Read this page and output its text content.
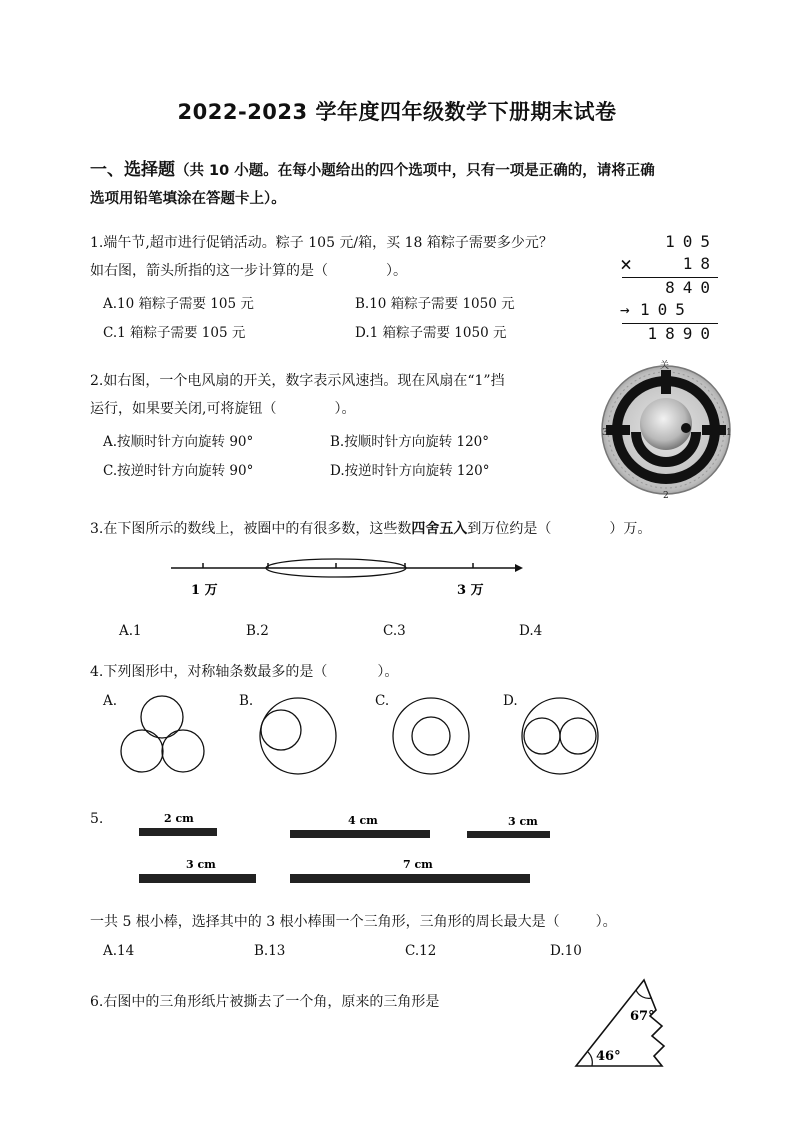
2022-2023 学年度四年级数学下册期末试卷
一、选择题（共 10 小题。在每小题给出的四个选项中，只有一项是正确的，请将正确
选项用铅笔填涂在答题卡上）。
1.端午节,超市进行促销活动。粽子 105 元/箱，买 18 箱粽子需要多少元？
如右图，箭头所指的这一步计算的是（	）。
A.10 箱粽子需要 105 元	B.10 箱粽子需要 1050 元
C.1 箱粽子需要 105 元	D.1 箱粽子需要 1050 元
105
×	18
840
→ 105
1890
2.如右图，一个电风扇的开关，数字表示风速挡。现在风扇在“1”挡
运行，如果要关闭,可将旋钮（	）。
A.按顺时针方向旋转 90°	B.按顺时针方向旋转 120°
C.按逆时针方向旋转 90°	D.按逆时针方向旋转 120°
关
1
2
3
3.在下图所示的数线上，被圈中的有很多数，这些数四舍五入到万位约是（	）万。
1 万	3 万
A.1	B.2	C.3	D.4
4.下列图形中，对称轴条数最多的是（	）。
A.	B.	C.	D.
5.	2 cm	4 cm	3 cm
3 cm	7 cm
一共 5 根小棒，选择其中的 3 根小棒围一个三角形，三角形的周长最大是（	）。
A.14	B.13	C.12	D.10
6.右图中的三角形纸片被撕去了一个角，原来的三角形是
67°
46°
